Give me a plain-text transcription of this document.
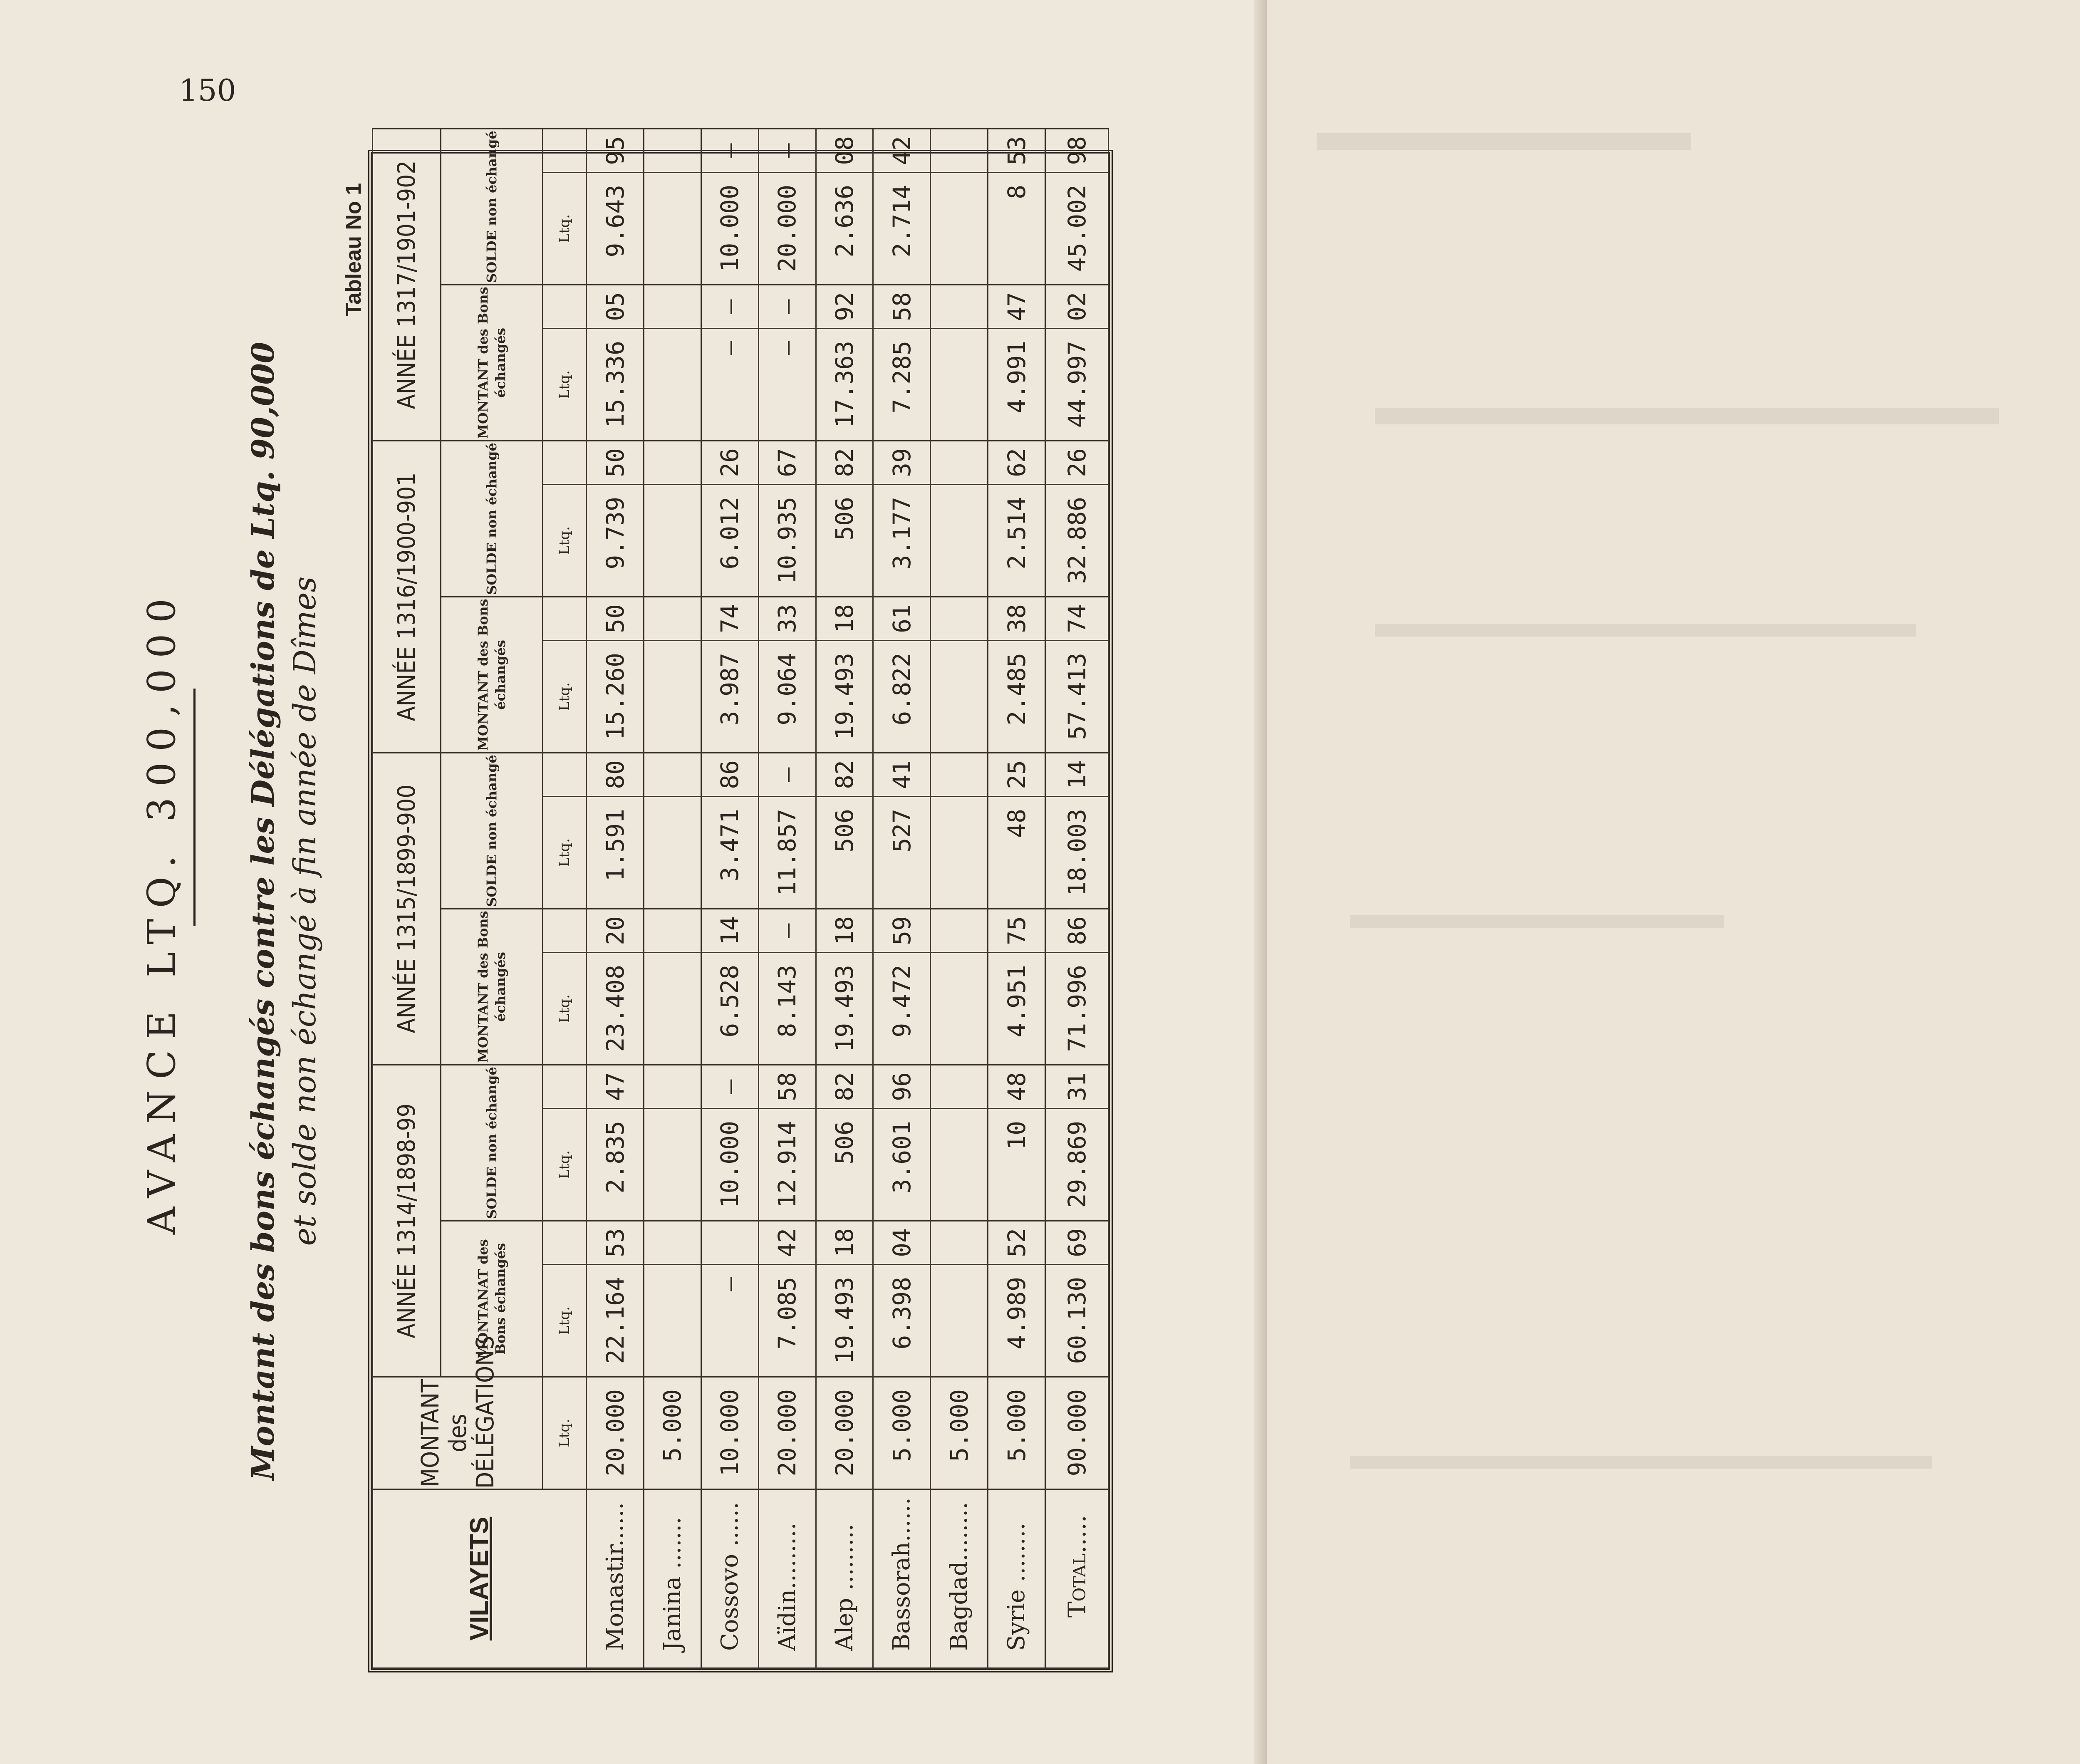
150
AVANCE LTQ. 300,000 Montant des bons échangés contre les Délégations de Ltq. 90,000 et solde non échangé à fin année de Dîmes
Tableau No 1
VILAYETS	MONTANT
des
DÉLÉGATIONS	ANNÉE 1314/1898-99				ANNÉE 1315/1899-900				ANNÉE 1316/1900-901				ANNÉE 1317/1901-902			
		MONTANAT des Bons échangés		SOLDE non échangé		MONTANT des Bons échangés		SOLDE non échangé		MONTANT des Bons échangés		SOLDE non échangé		MONTANT des Bons échangés		SOLDE non échangé	
	Ltq.	Ltq.		Ltq.		Ltq.		Ltq.		Ltq.		Ltq.		Ltq.		Ltq.	
Monastir......	20.000	22.164	53	2.835	47	23.408	20	1.591	80	15.260	50	9.739	50	15.336	05	9.643	95
Janina .......	5.000																
Cossovo ......	10.000	—		10.000	—	6.528	14	3.471	86	3.987	74	6.012	26	—	—	10.000	—
Aïdin.........	20.000	7.085	42	12.914	58	8.143	—	11.857	—	9.064	33	10.935	67	—	—	20.000	—
Alep .........	20.000	19.493	18	506	82	19.493	18	506	82	19.493	18	506	82	17.363	92	2.636	08
Bassorah......	5.000	6.398	04	3.601	96	9.472	59	527	41	6.822	61	3.177	39	7.285	58	2.714	42
Bagdad........	5.000																
Syrie ........	5.000	4.989	52	10	48	4.951	75	48	25	2.485	38	2.514	62	4.991	47	8	53
Total.....	90.000	60.130	69	29.869	31	71.996	86	18.003	14	57.413	74	32.886	26	44.997	02	45.002	98
